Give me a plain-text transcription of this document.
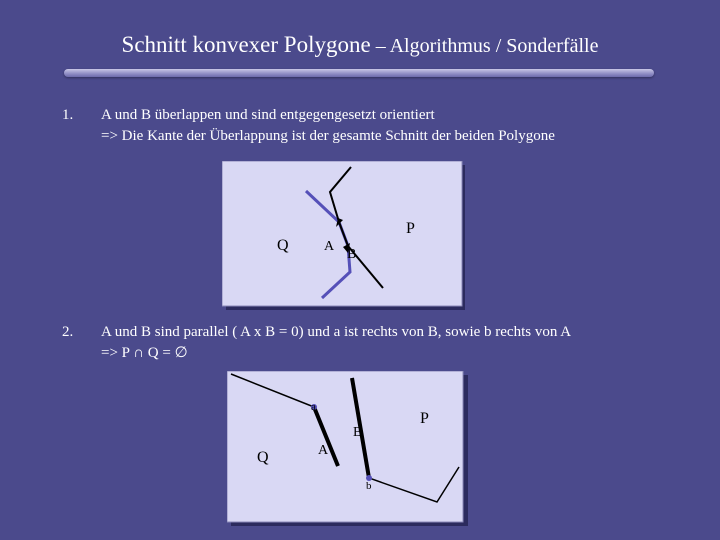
Schnitt konvexer Polygone – Algorithmus / Sonderfälle
1. A und B überlappen und sind entgegengesetzt orientiert
=> Die Kante der Überlappung ist der gesamte Schnitt der beiden Polygone
Q
P
A
B
2. A und B sind parallel ( A x B = 0) und a ist rechts von B, sowie b rechts von A
=> P ∩ Q = ∅
a
b
Q
P
A
B
